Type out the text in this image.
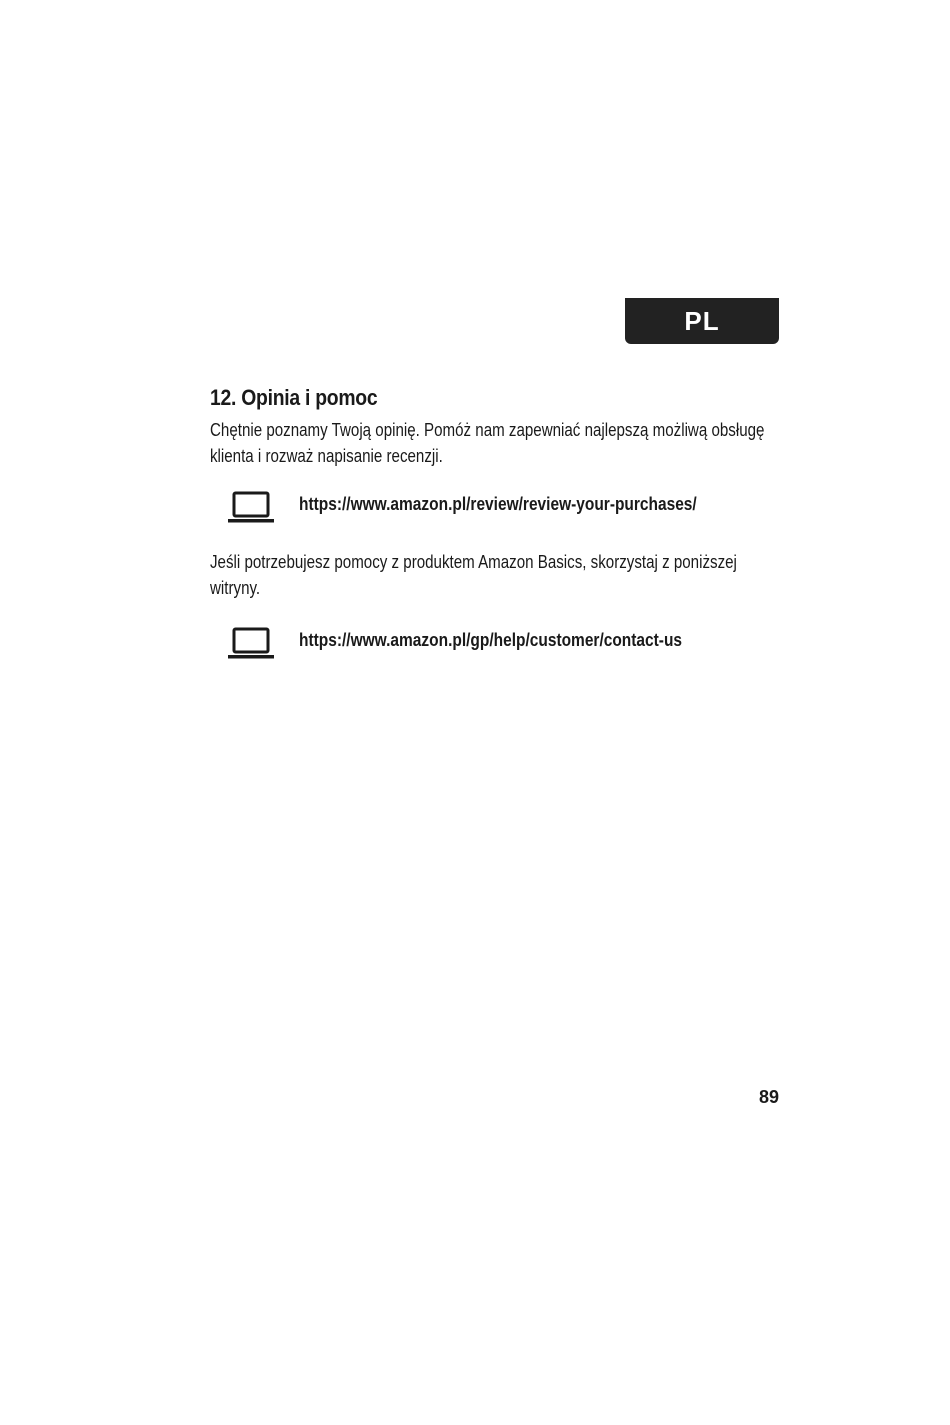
PL
12. Opinia i pomoc

Chętnie poznamy Twoją opinię. Pomóż nam zapewniać najlepszą możliwą obsługę klienta i rozważ napisanie recenzji.

https://www.amazon.pl/review/review-your-purchases/

Jeśli potrzebujesz pomocy z produktem Amazon Basics, skorzystaj z poniższej witryny.

https://www.amazon.pl/gp/help/customer/contact-us
89
